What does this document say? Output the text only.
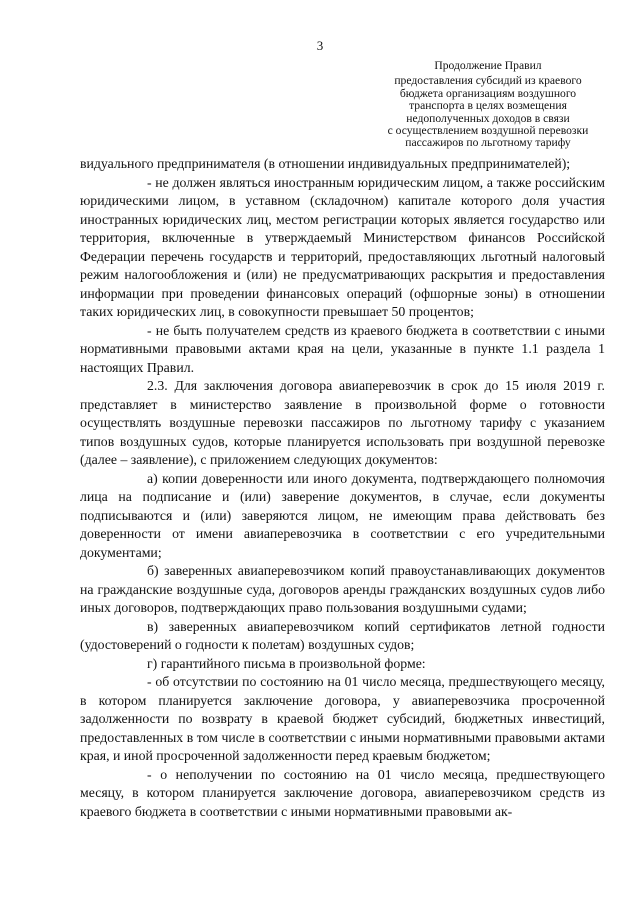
3
Продолжение Правил
предоставления субсидий из краевого
бюджета организациям воздушного
транспорта в целях возмещения
недополученных доходов в связи
с осуществлением воздушной перевозки
пассажиров по льготному тарифу

видуального предпринимателя (в отношении индивидуальных предпринимателей);

- не должен являться иностранным юридическим лицом, а также российским юридическими лицом, в уставном (складочном) капитале которого доля участия иностранных юридических лиц, местом регистрации которых является государство или территория, включенные в утверждаемый Министерством финансов Российской Федерации перечень государств и территорий, предоставляющих льготный налоговый режим налогообложения и (или) не предусматривающих раскрытия и предоставления информации при проведении финансовых операций (офшорные зоны) в отношении таких юридических лиц, в совокупности превышает 50 процентов;

- не быть получателем средств из краевого бюджета в соответствии с иными нормативными правовыми актами края на цели, указанные в пункте 1.1 раздела 1 настоящих Правил.

2.3. Для заключения договора авиаперевозчик в срок до 15 июля 2019 г. представляет в министерство заявление в произвольной форме о готовности осуществлять воздушные перевозки пассажиров по льготному тарифу с указанием типов воздушных судов, которые планируется использовать при воздушной перевозке (далее – заявление), с приложением следующих документов:

а) копии доверенности или иного документа, подтверждающего полномочия лица на подписание и (или) заверение документов, в случае, если документы подписываются и (или) заверяются лицом, не имеющим права действовать без доверенности от имени авиаперевозчика в соответствии с его учредительными документами;

б) заверенных авиаперевозчиком копий правоустанавливающих документов на гражданские воздушные суда, договоров аренды гражданских воздушных судов либо иных договоров, подтверждающих право пользования воздушными судами;

в) заверенных авиаперевозчиком копий сертификатов летной годности (удостоверений о годности к полетам) воздушных судов;

г) гарантийного письма в произвольной форме:

- об отсутствии по состоянию на 01 число месяца, предшествующего месяцу, в котором планируется заключение договора, у авиаперевозчика просроченной задолженности по возврату в краевой бюджет субсидий, бюджетных инвестиций, предоставленных в том числе в соответствии с иными нормативными правовыми актами края, и иной просроченной задолженности перед краевым бюджетом;

- о неполучении по состоянию на 01 число месяца, предшествующего месяцу, в котором планируется заключение договора, авиаперевозчиком средств из краевого бюджета в соответствии с иными нормативными правовыми ак-
